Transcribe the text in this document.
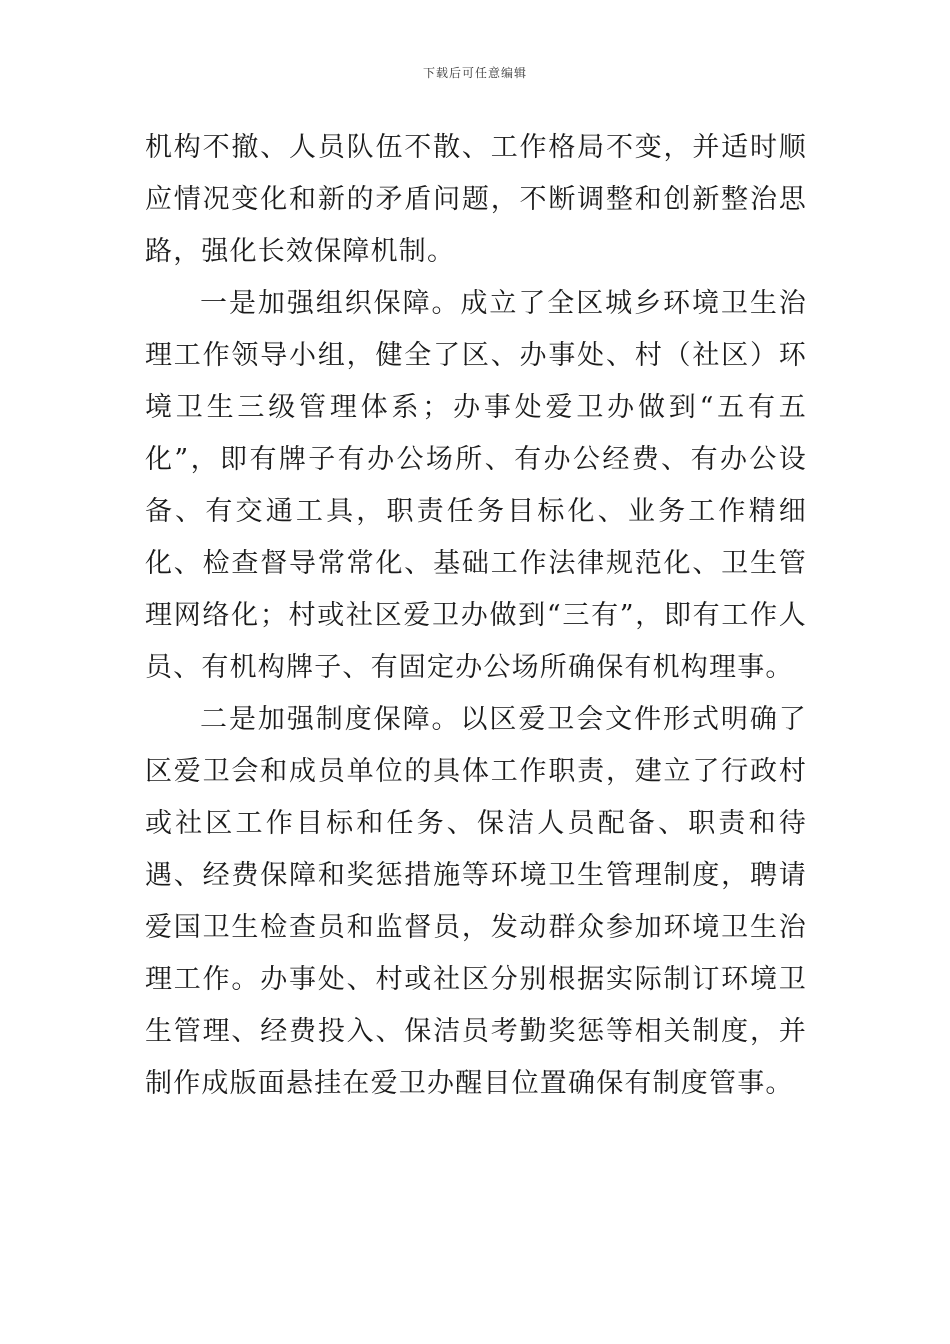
下载后可任意编辑

机构不撤、人员队伍不散、工作格局不变，并适时顺应情况变化和新的矛盾问题，不断调整和创新整治思路，强化长效保障机制。

一是加强组织保障。成立了全区城乡环境卫生治理工作领导小组，健全了区、办事处、村（社区）环境卫生三级管理体系；办事处爱卫办做到“五有五化”，即有牌子有办公场所、有办公经费、有办公设备、有交通工具，职责任务目标化、业务工作精细化、检查督导常常化、基础工作法律规范化、卫生管理网络化；村或社区爱卫办做到“三有”，即有工作人员、有机构牌子、有固定办公场所确保有机构理事。

二是加强制度保障。以区爱卫会文件形式明确了区爱卫会和成员单位的具体工作职责，建立了行政村或社区工作目标和任务、保洁人员配备、职责和待遇、经费保障和奖惩措施等环境卫生管理制度，聘请爱国卫生检查员和监督员，发动群众参加环境卫生治理工作。办事处、村或社区分别根据实际制订环境卫生管理、经费投入、保洁员考勤奖惩等相关制度，并制作成版面悬挂在爱卫办醒目位置确保有制度管事。
